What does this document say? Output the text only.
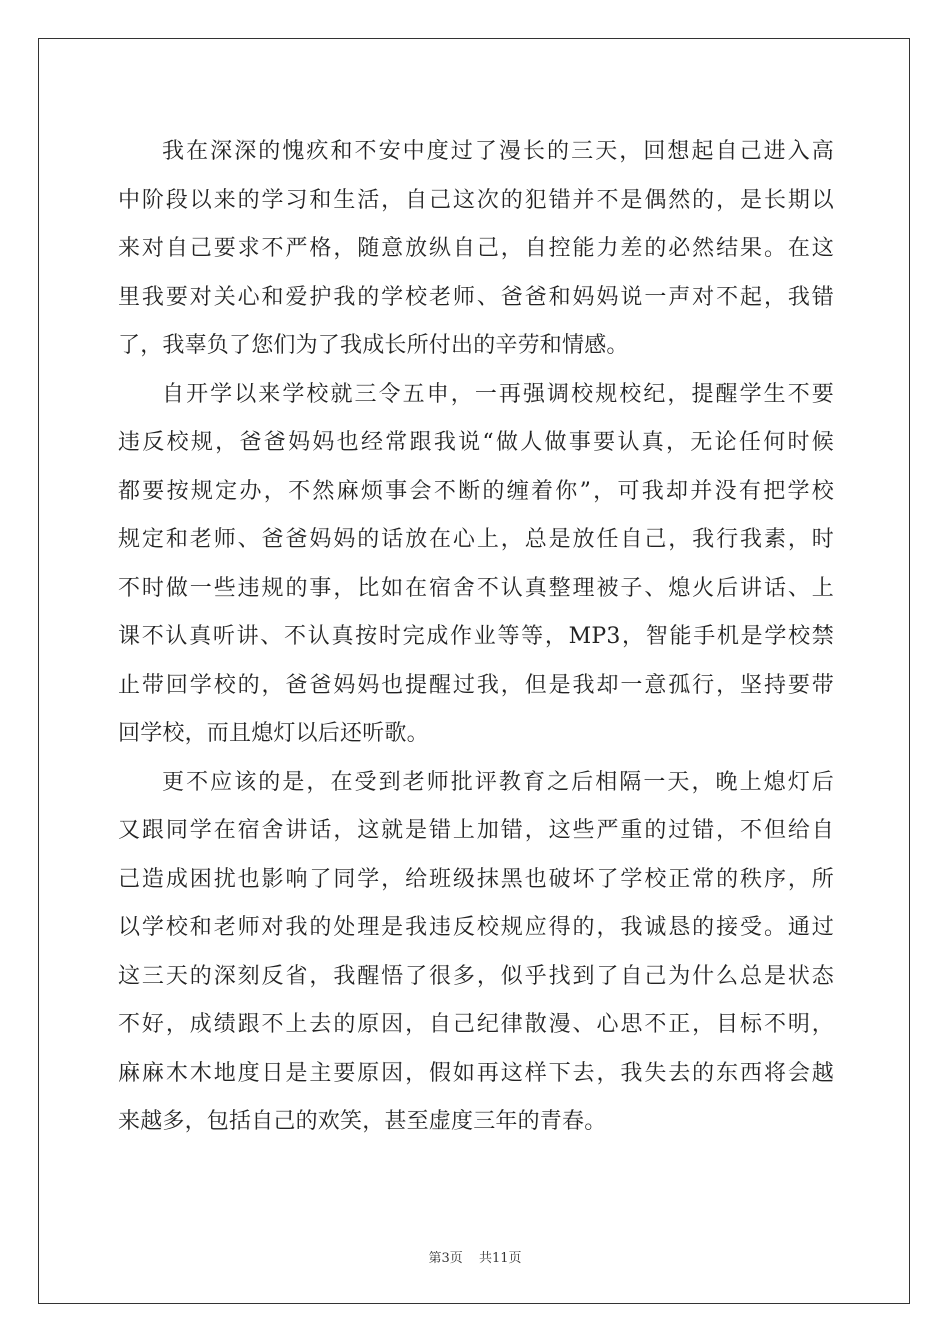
我在深深的愧疚和不安中度过了漫长的三天，回想起自己进入高
中阶段以来的学习和生活，自己这次的犯错并不是偶然的，是长期以
来对自己要求不严格，随意放纵自己，自控能力差的必然结果。在这
里我要对关心和爱护我的学校老师、爸爸和妈妈说一声对不起，我错
了，我辜负了您们为了我成长所付出的辛劳和情感。
自开学以来学校就三令五申，一再强调校规校纪，提醒学生不要
违反校规，爸爸妈妈也经常跟我说“做人做事要认真，无论任何时候
都要按规定办，不然麻烦事会不断的缠着你”，可我却并没有把学校
规定和老师、爸爸妈妈的话放在心上，总是放任自己，我行我素，时
不时做一些违规的事，比如在宿舍不认真整理被子、熄火后讲话、上
课不认真听讲、不认真按时完成作业等等，MP3，智能手机是学校禁
止带回学校的，爸爸妈妈也提醒过我，但是我却一意孤行，坚持要带
回学校，而且熄灯以后还听歌。
更不应该的是，在受到老师批评教育之后相隔一天，晚上熄灯后
又跟同学在宿舍讲话，这就是错上加错，这些严重的过错，不但给自
己造成困扰也影响了同学，给班级抹黑也破坏了学校正常的秩序，所
以学校和老师对我的处理是我违反校规应得的，我诚恳的接受。通过
这三天的深刻反省，我醒悟了很多，似乎找到了自己为什么总是状态
不好，成绩跟不上去的原因，自己纪律散漫、心思不正，目标不明，
麻麻木木地度日是主要原因，假如再这样下去，我失去的东西将会越
来越多，包括自己的欢笑，甚至虚度三年的青春。
第3页 共11页
